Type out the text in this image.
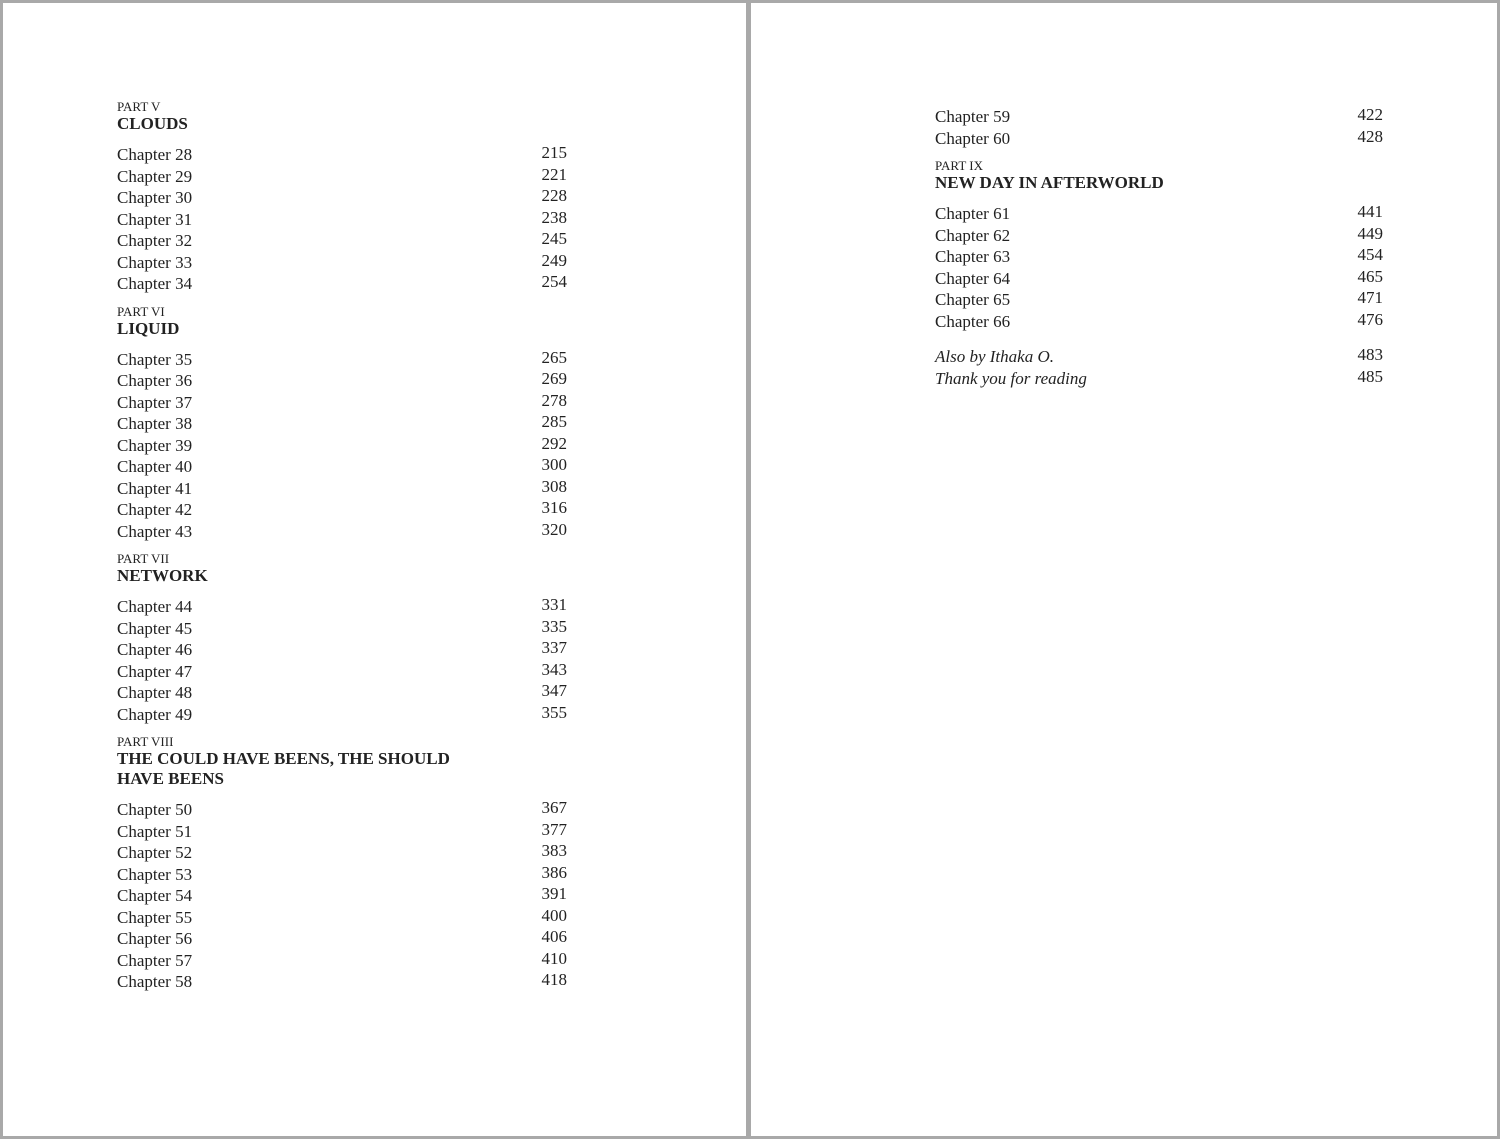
PART V
CLOUDS
Chapter 28	215
Chapter 29	221
Chapter 30	228
Chapter 31	238
Chapter 32	245
Chapter 33	249
Chapter 34	254
PART VI
LIQUID
Chapter 35	265
Chapter 36	269
Chapter 37	278
Chapter 38	285
Chapter 39	292
Chapter 40	300
Chapter 41	308
Chapter 42	316
Chapter 43	320
PART VII
NETWORK
Chapter 44	331
Chapter 45	335
Chapter 46	337
Chapter 47	343
Chapter 48	347
Chapter 49	355
PART VIII
THE COULD HAVE BEENS, THE SHOULD HAVE BEENS
Chapter 50	367
Chapter 51	377
Chapter 52	383
Chapter 53	386
Chapter 54	391
Chapter 55	400
Chapter 56	406
Chapter 57	410
Chapter 58	418
Chapter 59	422
Chapter 60	428
PART IX
NEW DAY IN AFTERWORLD
Chapter 61	441
Chapter 62	449
Chapter 63	454
Chapter 64	465
Chapter 65	471
Chapter 66	476
Also by Ithaka O.	483
Thank you for reading	485
